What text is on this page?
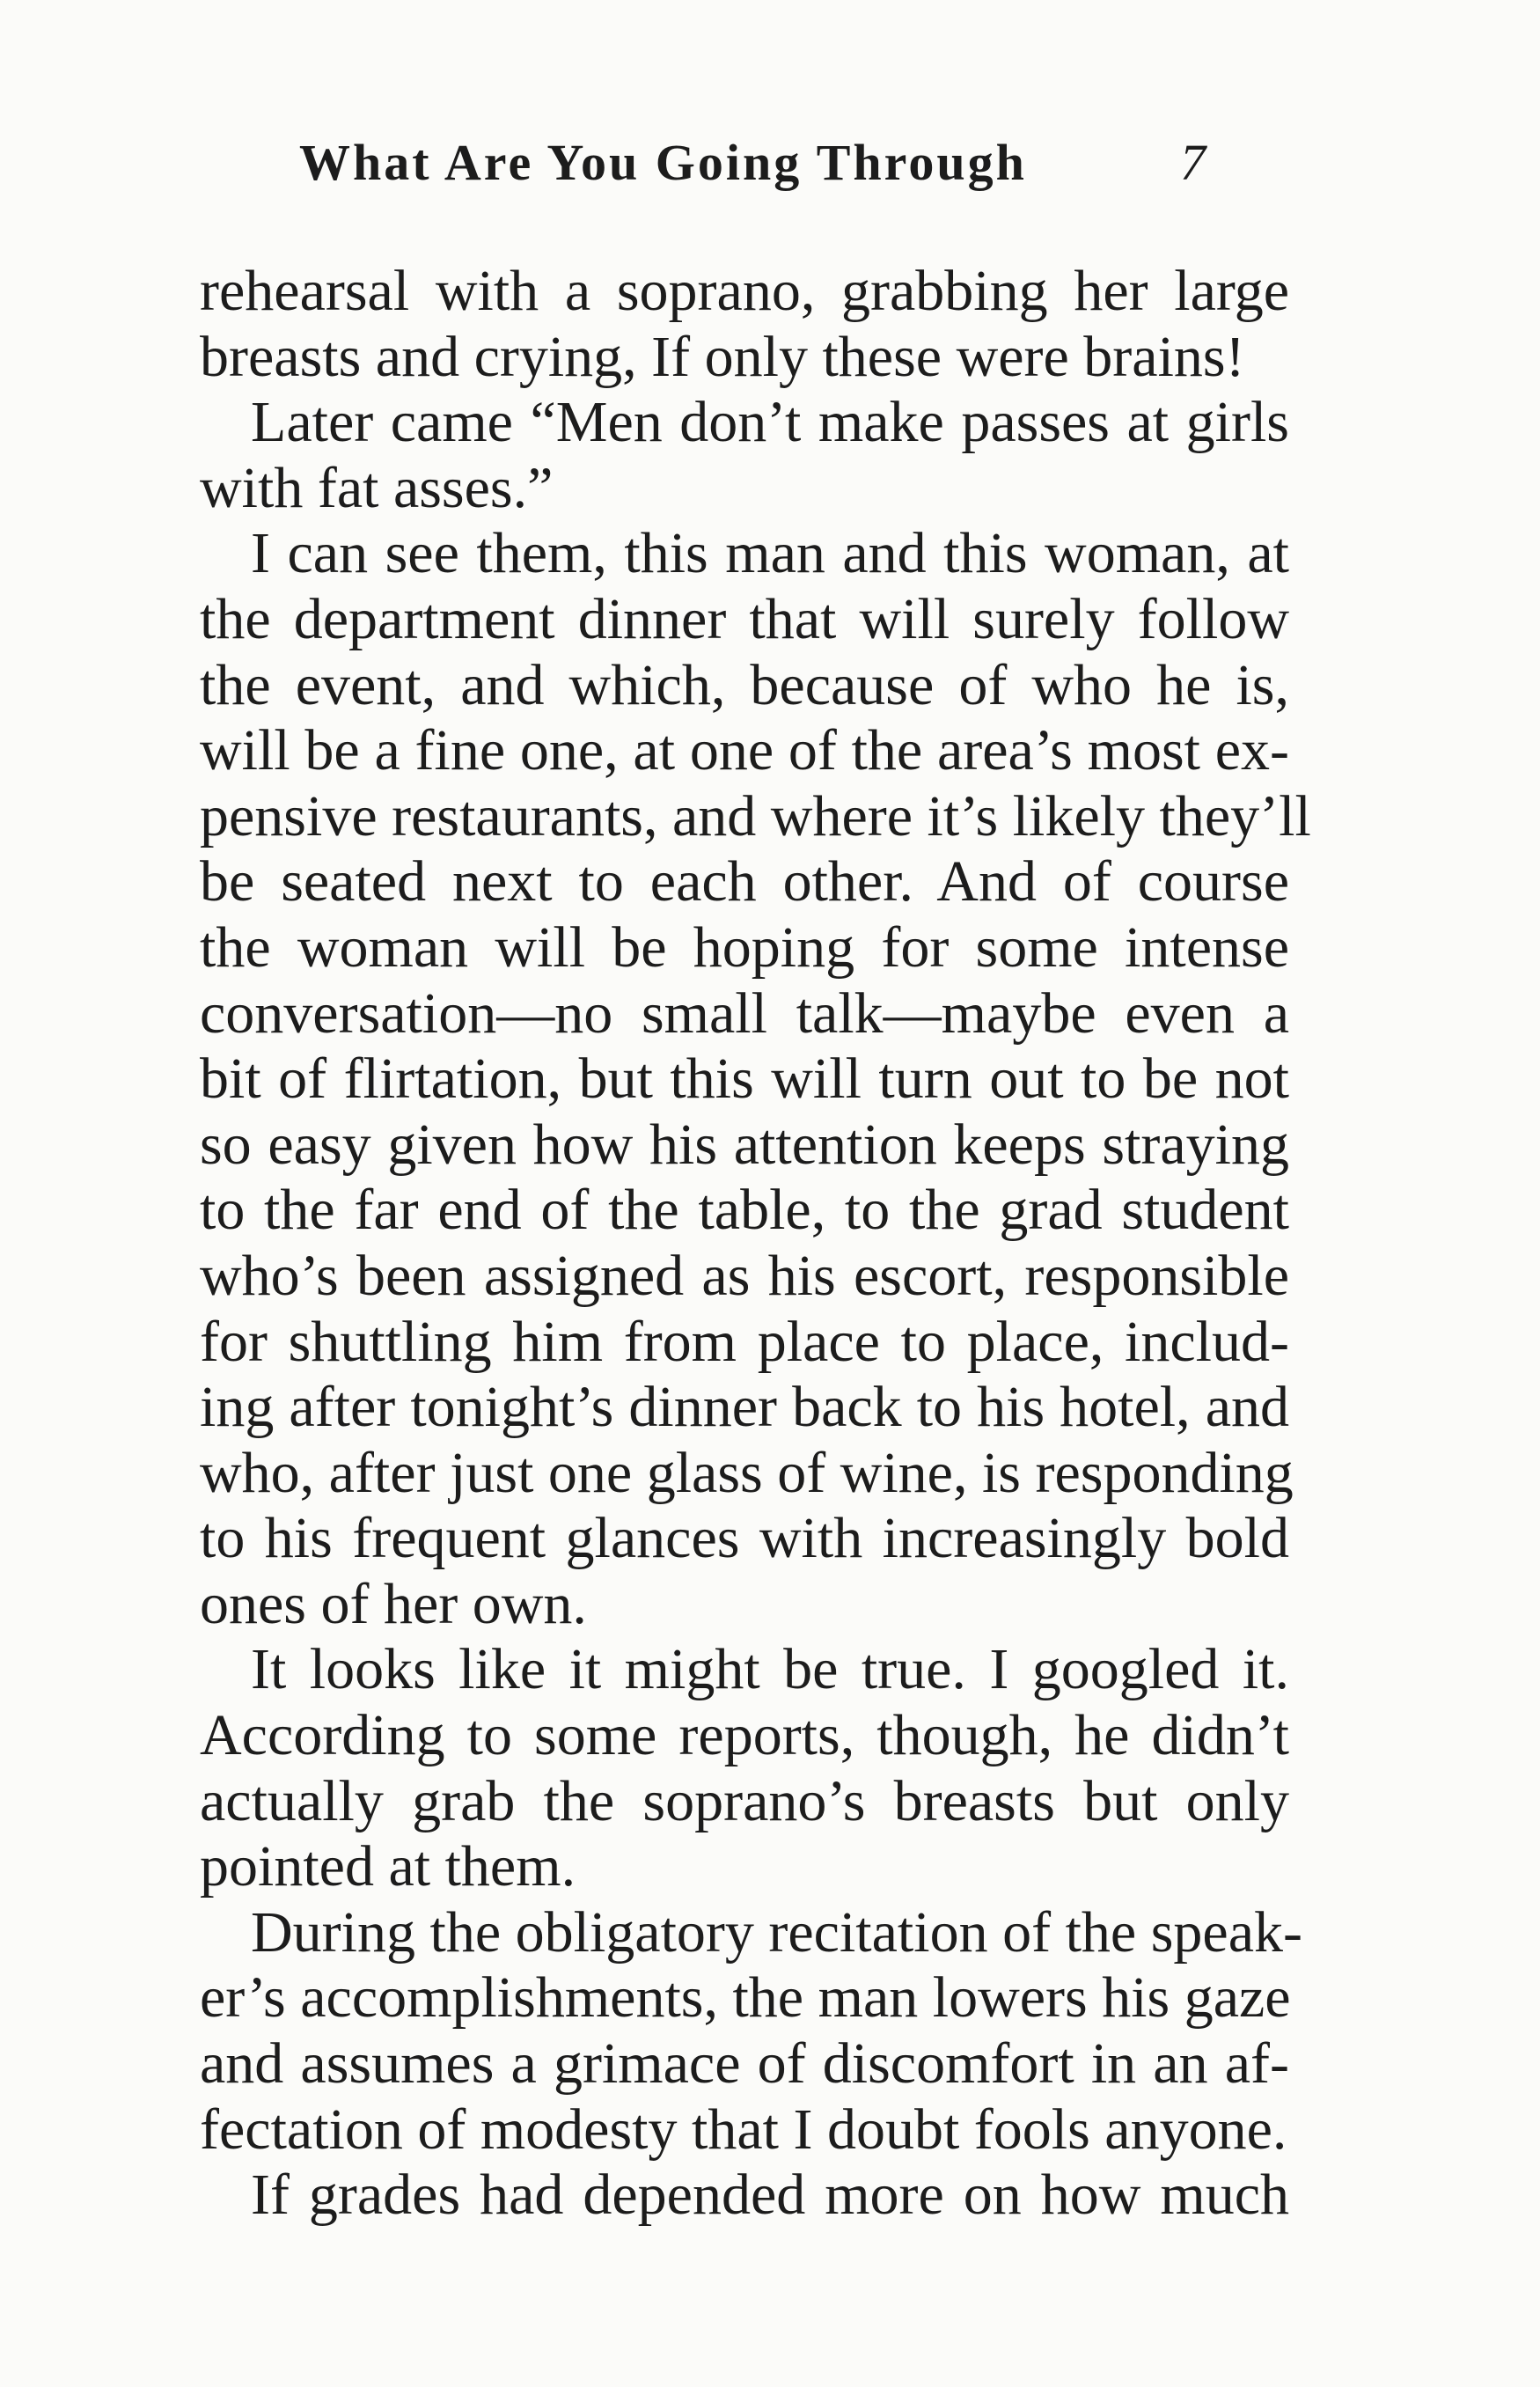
What Are You Going Through	7
rehearsal with a soprano, grabbing her large
breasts and crying, If only these were brains!
Later came “Men don’t make passes at girls
with fat asses.”
I can see them, this man and this woman, at
the department dinner that will surely follow
the event, and which, because of who he is,
will be a fine one, at one of the area’s most ex-
pensive restaurants, and where it’s likely they’ll
be seated next to each other. And of course
the woman will be hoping for some intense
conversation—no small talk—maybe even a
bit of flirtation, but this will turn out to be not
so easy given how his attention keeps straying
to the far end of the table, to the grad student
who’s been assigned as his escort, responsible
for shuttling him from place to place, includ-
ing after tonight’s dinner back to his hotel, and
who, after just one glass of wine, is responding
to his frequent glances with increasingly bold
ones of her own.
It looks like it might be true. I googled it.
According to some reports, though, he didn’t
actually grab the soprano’s breasts but only
pointed at them.
During the obligatory recitation of the speak-
er’s accomplishments, the man lowers his gaze
and assumes a grimace of discomfort in an af-
fectation of modesty that I doubt fools anyone.
If grades had depended more on how much
